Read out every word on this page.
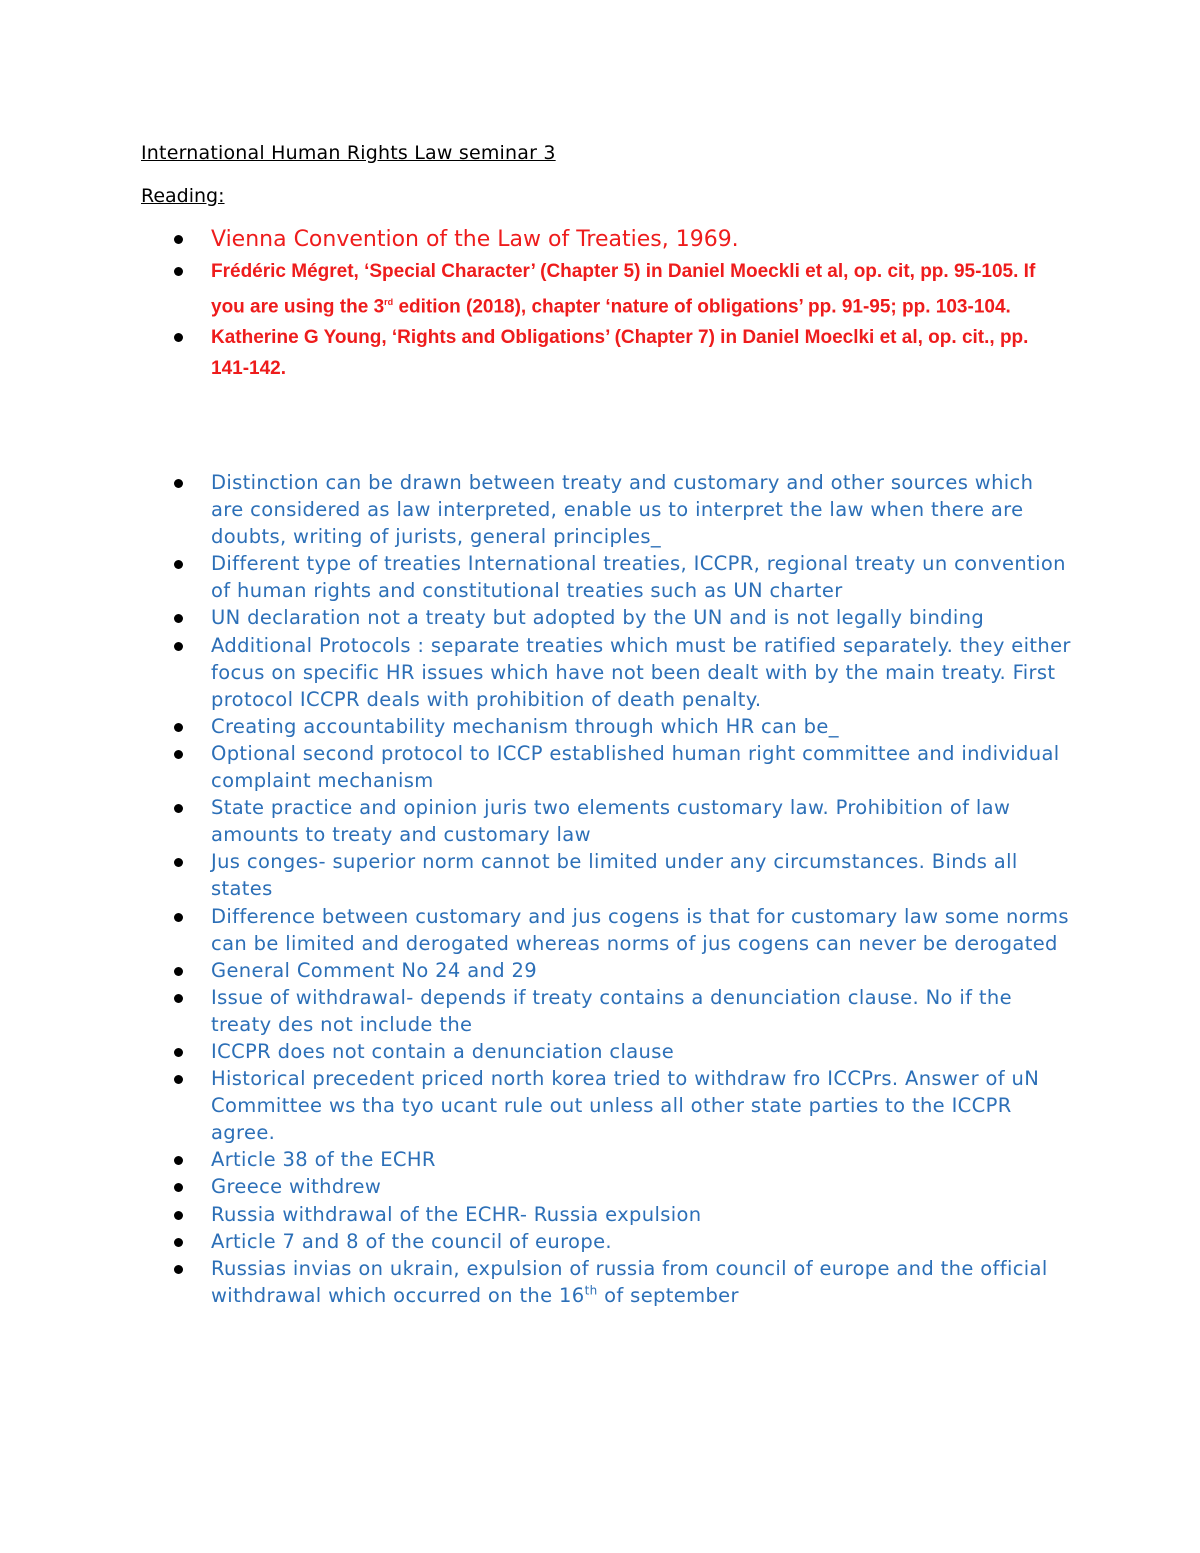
International Human Rights Law seminar 3
Reading:
Vienna Convention of the Law of Treaties, 1969.
Frédéric Mégret, ‘Special Character’ (Chapter 5) in Daniel Moeckli et al, op. cit, pp. 95-105. If you are using the 3rd edition (2018), chapter ‘nature of obligations’ pp. 91-95; pp. 103-104.
Katherine G Young, ‘Rights and Obligations’ (Chapter 7) in Daniel Moeclki et al, op. cit., pp. 141-142.
Distinction can be drawn between treaty and customary and other sources which are considered as law interpreted, enable us to interpret the law when there are doubts, writing of jurists, general principles_
Different type of treaties International treaties, ICCPR, regional treaty un convention of human rights and constitutional treaties such as UN charter
UN declaration not a treaty but adopted by the UN and is not legally binding
Additional Protocols : separate treaties which must be ratified separately. they either focus on specific HR issues which have not been dealt with by the main treaty. First protocol ICCPR deals with prohibition of death penalty.
Creating accountability mechanism through which HR can be_
Optional second protocol to ICCP established human right committee and individual complaint mechanism
State practice and opinion juris two elements customary law. Prohibition of law amounts to treaty and customary law
Jus conges- superior norm cannot be limited under any circumstances. Binds all states
Difference between customary and jus cogens is that for customary law some norms can be limited and derogated whereas norms of jus cogens can never be derogated
General Comment No 24 and 29
Issue of withdrawal- depends if treaty contains a denunciation clause. No if the treaty des not include the
ICCPR does not contain a denunciation clause
Historical precedent priced north korea tried to withdraw fro ICCPrs. Answer of uN Committee ws tha tyo ucant rule out unless all other state parties to the ICCPR agree.
Article 38 of the ECHR
Greece withdrew
Russia withdrawal of the ECHR- Russia expulsion
Article 7 and 8 of the council of europe.
Russias invias on ukrain, expulsion of russia from council of europe and the official withdrawal which occurred on the 16th of september
